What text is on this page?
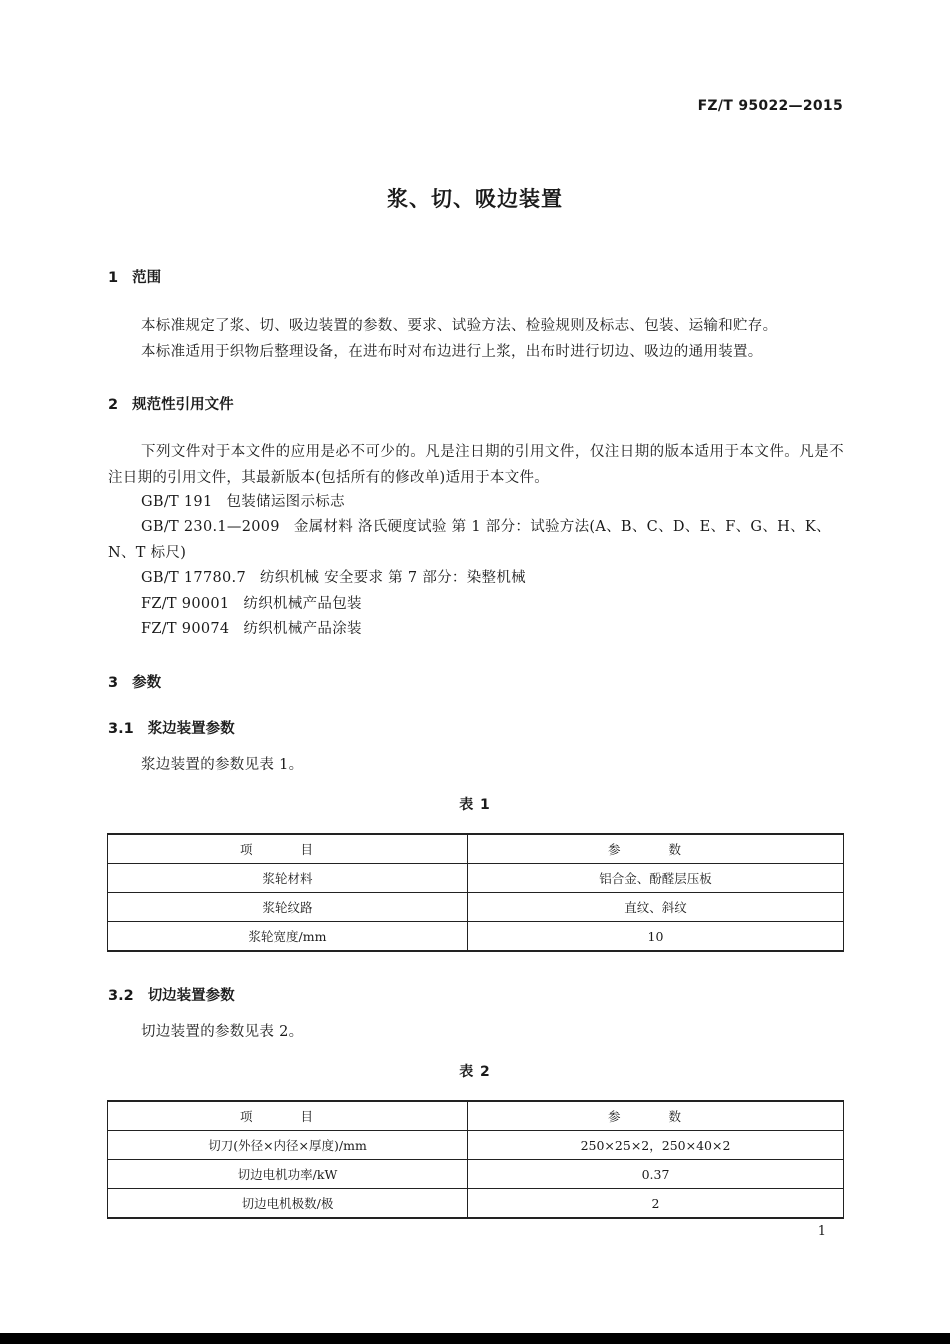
FZ/T 95022—2015
浆、切、吸边装置
1 范围
本标准规定了浆、切、吸边装置的参数、要求、试验方法、检验规则及标志、包装、运输和贮存。
本标准适用于织物后整理设备，在进布时对布边进行上浆，出布时进行切边、吸边的通用装置。
2 规范性引用文件
下列文件对于本文件的应用是必不可少的。凡是注日期的引用文件，仅注日期的版本适用于本文件。凡是不注日期的引用文件，其最新版本(包括所有的修改单)适用于本文件。
GB/T 191 包装储运图示标志
GB/T 230.1—2009 金属材料 洛氏硬度试验 第 1 部分：试验方法(A、B、C、D、E、F、G、H、K、
N、T 标尺)
GB/T 17780.7 纺织机械 安全要求 第 7 部分：染整机械
FZ/T 90001 纺织机械产品包装
FZ/T 90074 纺织机械产品涂装
3 参数
3.1 浆边装置参数
浆边装置的参数见表 1。
表 1
项 目	参 数
浆轮材料	铝合金、酚醛层压板
浆轮纹路	直纹、斜纹
浆轮宽度/mm	10
3.2 切边装置参数
切边装置的参数见表 2。
表 2
项 目	参 数
切刀(外径×内径×厚度)/mm	250×25×2，250×40×2
切边电机功率/kW	0.37
切边电机极数/极	2
1
